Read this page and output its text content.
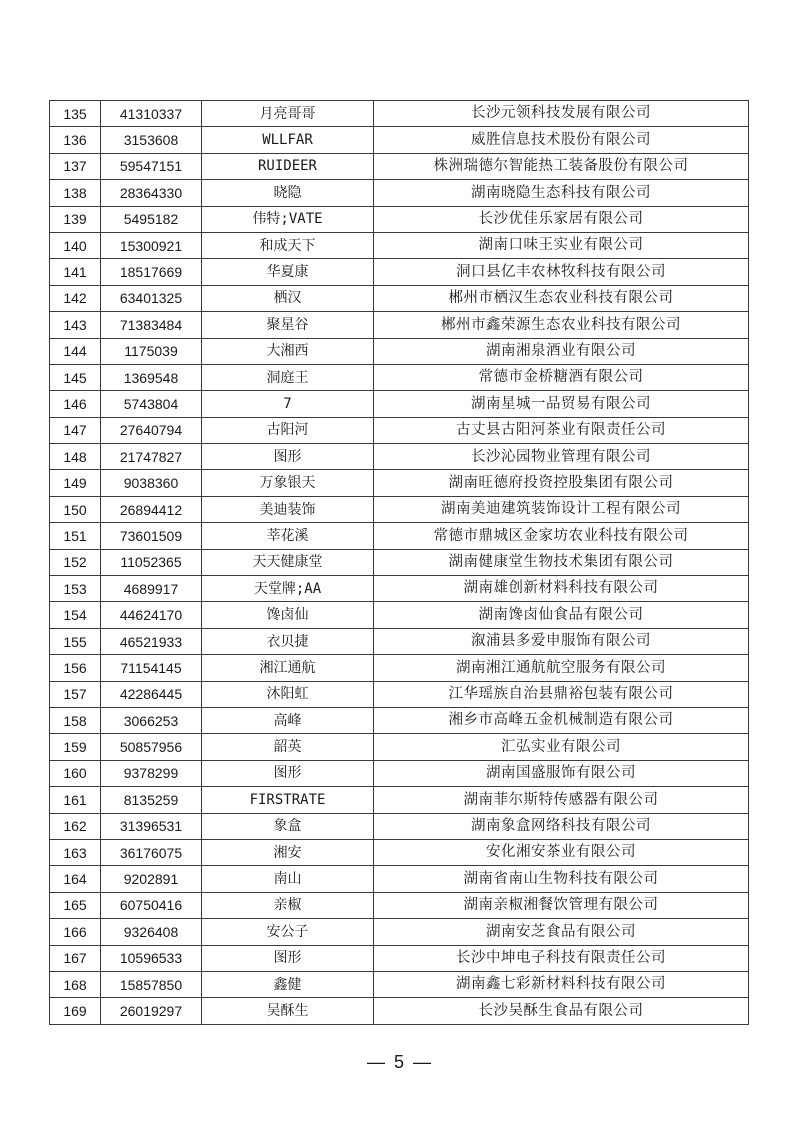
135	41310337	月亮哥哥	长沙元领科技发展有限公司
136	3153608	WLLFAR	威胜信息技术股份有限公司
137	59547151	RUIDEER	株洲瑞德尔智能热工装备股份有限公司
138	28364330	晓隐	湖南晓隐生态科技有限公司
139	5495182	伟特;VATE	长沙优佳乐家居有限公司
140	15300921	和成天下	湖南口味王实业有限公司
141	18517669	华夏康	洞口县亿丰农林牧科技有限公司
142	63401325	栖汉	郴州市栖汉生态农业科技有限公司
143	71383484	聚星谷	郴州市鑫荣源生态农业科技有限公司
144	1175039	大湘西	湖南湘泉酒业有限公司
145	1369548	洞庭王	常德市金桥糖酒有限公司
146	5743804	7	湖南星城一品贸易有限公司
147	27640794	古阳河	古丈县古阳河茶业有限责任公司
148	21747827	图形	长沙沁园物业管理有限公司
149	9038360	万象银天	湖南旺德府投资控股集团有限公司
150	26894412	美迪装饰	湖南美迪建筑装饰设计工程有限公司
151	73601509	莘花溪	常德市鼎城区金家坊农业科技有限公司
152	11052365	天天健康堂	湖南健康堂生物技术集团有限公司
153	4689917	天堂牌;AA	湖南雄创新材料科技有限公司
154	44624170	馋卤仙	湖南馋卤仙食品有限公司
155	46521933	衣贝捷	溆浦县多爱申服饰有限公司
156	71154145	湘江通航	湖南湘江通航航空服务有限公司
157	42286445	沐阳虹	江华瑶族自治县鼎裕包装有限公司
158	3066253	高峰	湘乡市高峰五金机械制造有限公司
159	50857956	韶英	汇弘实业有限公司
160	9378299	图形	湖南国盛服饰有限公司
161	8135259	FIRSTRATE	湖南菲尔斯特传感器有限公司
162	31396531	象盒	湖南象盒网络科技有限公司
163	36176075	湘安	安化湘安茶业有限公司
164	9202891	南山	湖南省南山生物科技有限公司
165	60750416	亲椒	湖南亲椒湘餐饮管理有限公司
166	9326408	安公子	湖南安芝食品有限公司
167	10596533	图形	长沙中坤电子科技有限责任公司
168	15857850	鑫健	湖南鑫七彩新材料科技有限公司
169	26019297	吴酥生	长沙吴酥生食品有限公司
— 5 —
